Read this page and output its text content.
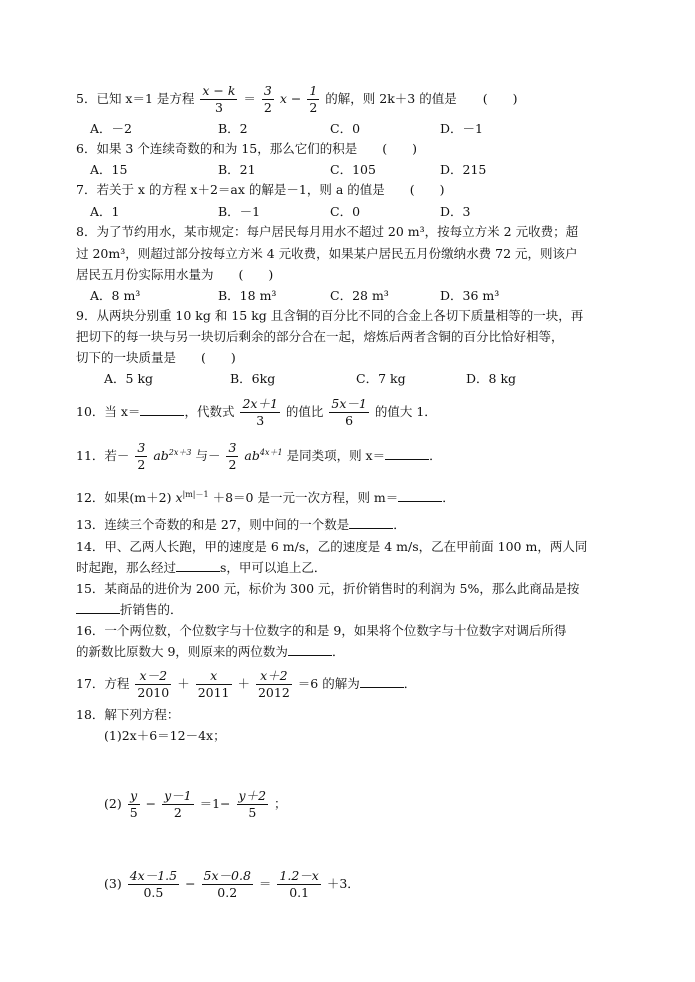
5．已知 x＝1 是方程 $\frac{x - k}{3} = \frac{3}{2}$ $x - \frac{1}{2}$ 的解，则 2k＋3 的值是 (　　)
A．－2	B．2	C．0	D．－1
6．如果 3 个连续奇数的和为 15，那么它们的积是　　(　　)
A．15	B．21	C．105	D．215
7．若关于 x 的方程 x＋2＝ax 的解是－1，则 a 的值是　　(　　)
A．1	B．－1	C．0	D．3
8．为了节约用水，某市规定：每户居民每月用水不超过 20 m³，按每立方米 2 元收费；超
过 20m³，则超过部分按每立方米 4 元收费，如果某户居民五月份缴纳水费 72 元，则该户
居民五月份实际用水量为　　(　　)
A．8 m³	B．18 m³	C．28 m³	D．36 m³
9．从两块分别重 10 kg 和 15 kg 且含铜的百分比不同的合金上各切下质量相等的一块，再
把切下的每一块与另一块切后剩余的部分合在一起，熔炼后两者含铜的百分比恰好相等，
切下的一块质量是　　(　　)
A．5 kg	B．6kg	C．7 kg	D．8 kg
10．当 x＝	，代数式 $\frac{2x+1}{3}$ 的值比 $\frac{5x-1}{6}$ 的值大 1．
11．若－ $\frac{3}{2} ab^{2x+3}$ 与－ $\frac{3}{2} ab^{4x+1}$ 是同类项，则 x＝	．
12．如果(m＋2) $x^{|m|-1} +8=0$ 是一元一次方程，则 m＝	．
13．连续三个奇数的和是 27，则中间的一个数是	．
14．甲、乙两人长跑，甲的速度是 6 m/s，乙的速度是 4 m/s，乙在甲前面 100 m，两人同
时起跑，那么经过	s，甲可以追上乙．
15．某商品的进价为 200 元，标价为 300 元，折价销售时的利润为 5%，那么此商品是按
折销售的．
16．一个两位数，个位数字与十位数字的和是 9，如果将个位数字与十位数字对调后所得
的新数比原数大 9，则原来的两位数为	．
17．方程 $\frac{x-2}{2010} + \frac{x}{2011} + \frac{x+2}{2012} =6$ 的解为	．
18．解下列方程：
(1)2x＋6＝12－4x；
$(2) \frac{y}{5} - \frac{y-1}{2} =1- \frac{y+2}{5}$ ；
$(3) \frac{4x-1.5}{0.5} - \frac{5x-0.8}{0.2} = \frac{1.2-x}{0.1} +3$．
